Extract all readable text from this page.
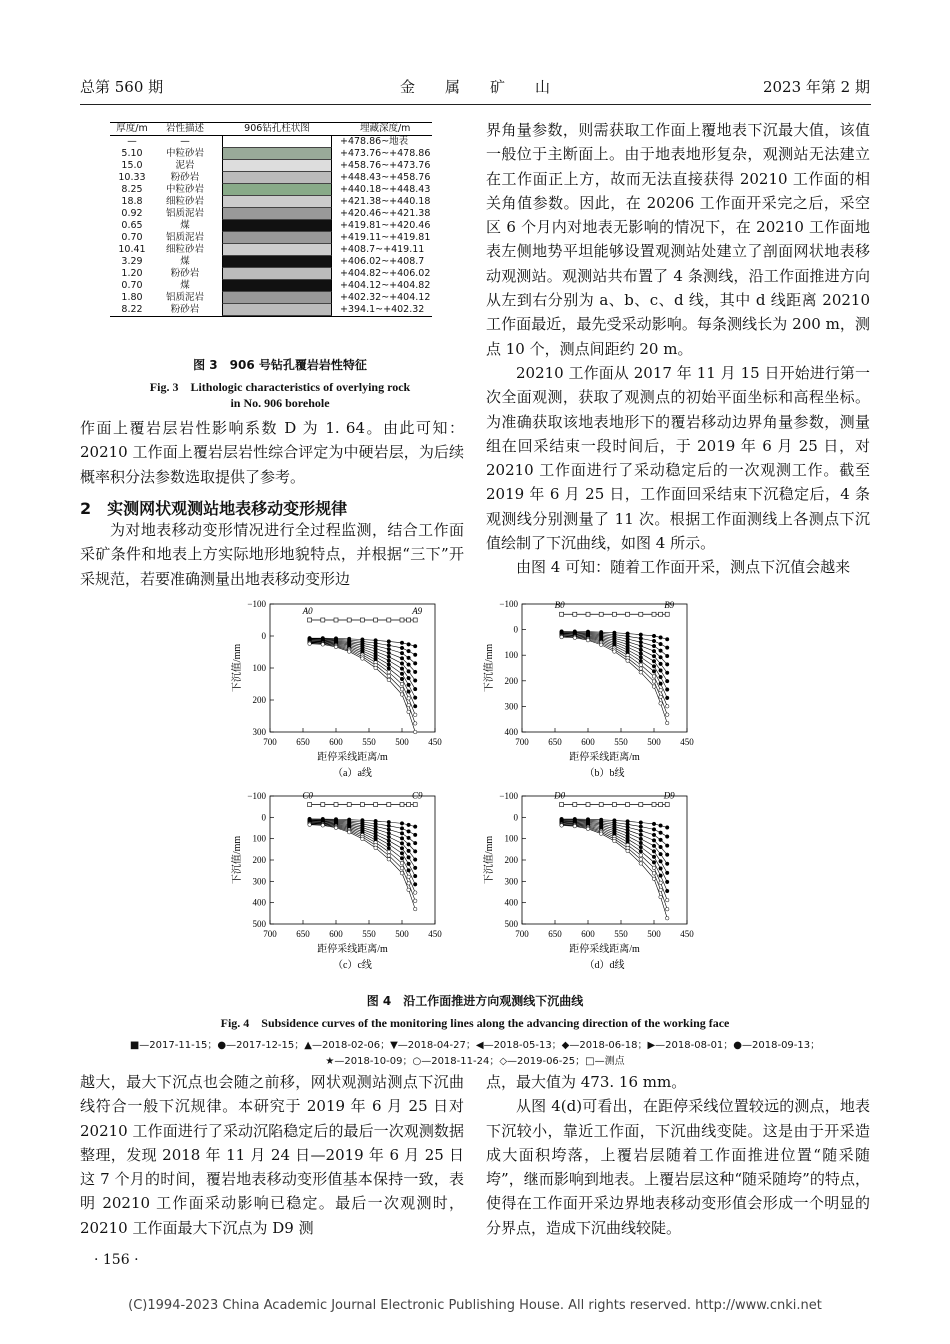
总第 560 期	金　　属　　矿　　山	2023 年第 2 期
厚度/m	岩性描述	906钻孔柱状图	埋藏深度/m
—	—		+478.86~地表
5.10	中粒砂岩		+473.76~+478.86
15.0	泥岩		+458.76~+473.76
10.33	粉砂岩		+448.43~+458.76
8.25	中粒砂岩		+440.18~+448.43
18.8	细粒砂岩		+421.38~+440.18
0.92	铝质泥岩		+420.46~+421.38
0.65	煤		+419.81~+420.46
0.70	铝质泥岩		+419.11~+419.81
10.41	细粒砂岩		+408.7~+419.11
3.29	煤		+406.02~+408.7
1.20	粉砂岩		+404.82~+406.02
0.70	煤		+404.12~+404.82
1.80	铝质泥岩		+402.32~+404.12
8.22	粉砂岩		+394.1~+402.32
图 3　906 号钻孔覆岩岩性特征
Fig. 3　Lithologic characteristics of overlying rock
in No. 906 borehole

作面上覆岩层岩性影响系数 D 为 1. 64。由此可知：20210 工作面上覆岩层岩性综合评定为中硬岩层，为后续概率积分法参数选取提供了参考。

2　实测网状观测站地表移动变形规律

为对地表移动变形情况进行全过程监测，结合工作面采矿条件和地表上方实际地形地貌特点，并根据“三下”开采规范，若要准确测量出地表移动变形边

界角量参数，则需获取工作面上覆地表下沉最大值，该值一般位于主断面上。由于地表地形复杂，观测站无法建立在工作面正上方，故而无法直接获得 20210 工作面的相关角值参数。因此，在 20206 工作面开采完之后，采空区 6 个月内对地表无影响的情况下，在 20210 工作面地表左侧地势平坦能够设置观测站处建立了剖面网状地表移动观测站。观测站共布置了 4 条测线，沿工作面推进方向从左到右分别为 a、b、c、d 线，其中 d 线距离 20210 工作面最近，最先受采动影响。每条测线长为 200 m，测点 10 个，测点间距约 20 m。

20210 工作面从 2017 年 11 月 15 日开始进行第一次全面观测，获取了观测点的初始平面坐标和高程坐标。为准确获取该地表地形下的覆岩移动边界角量参数，测量组在回采结束一段时间后，于 2019 年 6 月 25 日，对 20210 工作面进行了采动稳定后的一次观测工作。截至 2019 年 6 月 25 日，工作面回采结束下沉稳定后，4 条观测线分别测量了 11 次。根据工作面测线上各测点下沉值绘制了下沉曲线，如图 4 所示。

由图 4 可知：随着工作面开采，测点下沉值会越来

−100
0
100
200
300
700 650 600 550 500 450
下沉值/mm
距停采线距离/m
（a）a线
A0	A9
−100
0
100
200
300
400
700 650 600 550 500 450
下沉值/mm
距停采线距离/m
（b）b线
B0	B9
−100
0
100
200
300
400
500
700 650 600 550 500 450
下沉值/mm
距停采线距离/m
（c）c线
C0	C9	−100
0
100
200
300
400
500
700 650 600 550 500 450
下沉值/mm
距停采线距离/m
（d）d线
D0	D9
图 4　沿工作面推进方向观测线下沉曲线
Fig. 4　Subsidence curves of the monitoring lines along the advancing direction of the working face
■—2017-11-15；●—2017-12-15；▲—2018-02-06；▼—2018-04-27；◀—2018-05-13；◆—2018-06-18；▶—2018-08-01；●—2018-09-13；
★—2018-10-09；○—2018-11-24；◇—2019-06-25；□—测点

越大，最大下沉点也会随之前移，网状观测站测点下沉曲线符合一般下沉规律。本研究于 2019 年 6 月 25 日对 20210 工作面进行了采动沉陷稳定后的最后一次观测数据整理，发现 2018 年 11 月 24 日—2019 年 6 月 25 日这 7 个月的时间，覆岩地表移动变形值基本保持一致，表明 20210 工作面采动影响已稳定。最后一次观测时，20210 工作面最大下沉点为 D9 测

点，最大值为 473. 16 mm。

从图 4(d)可看出，在距停采线位置较远的测点，地表下沉较小，靠近工作面，下沉曲线变陡。这是由于开采造成大面积垮落，上覆岩层随着工作面推进位置“随采随垮”，继而影响到地表。上覆岩层这种“随采随垮”的特点，使得在工作面开采边界地表移动变形值会形成一个明显的分界点，造成下沉曲线较陡。

· 156 ·
(C)1994-2023 China Academic Journal Electronic Publishing House. All rights reserved. http://www.cnki.net
